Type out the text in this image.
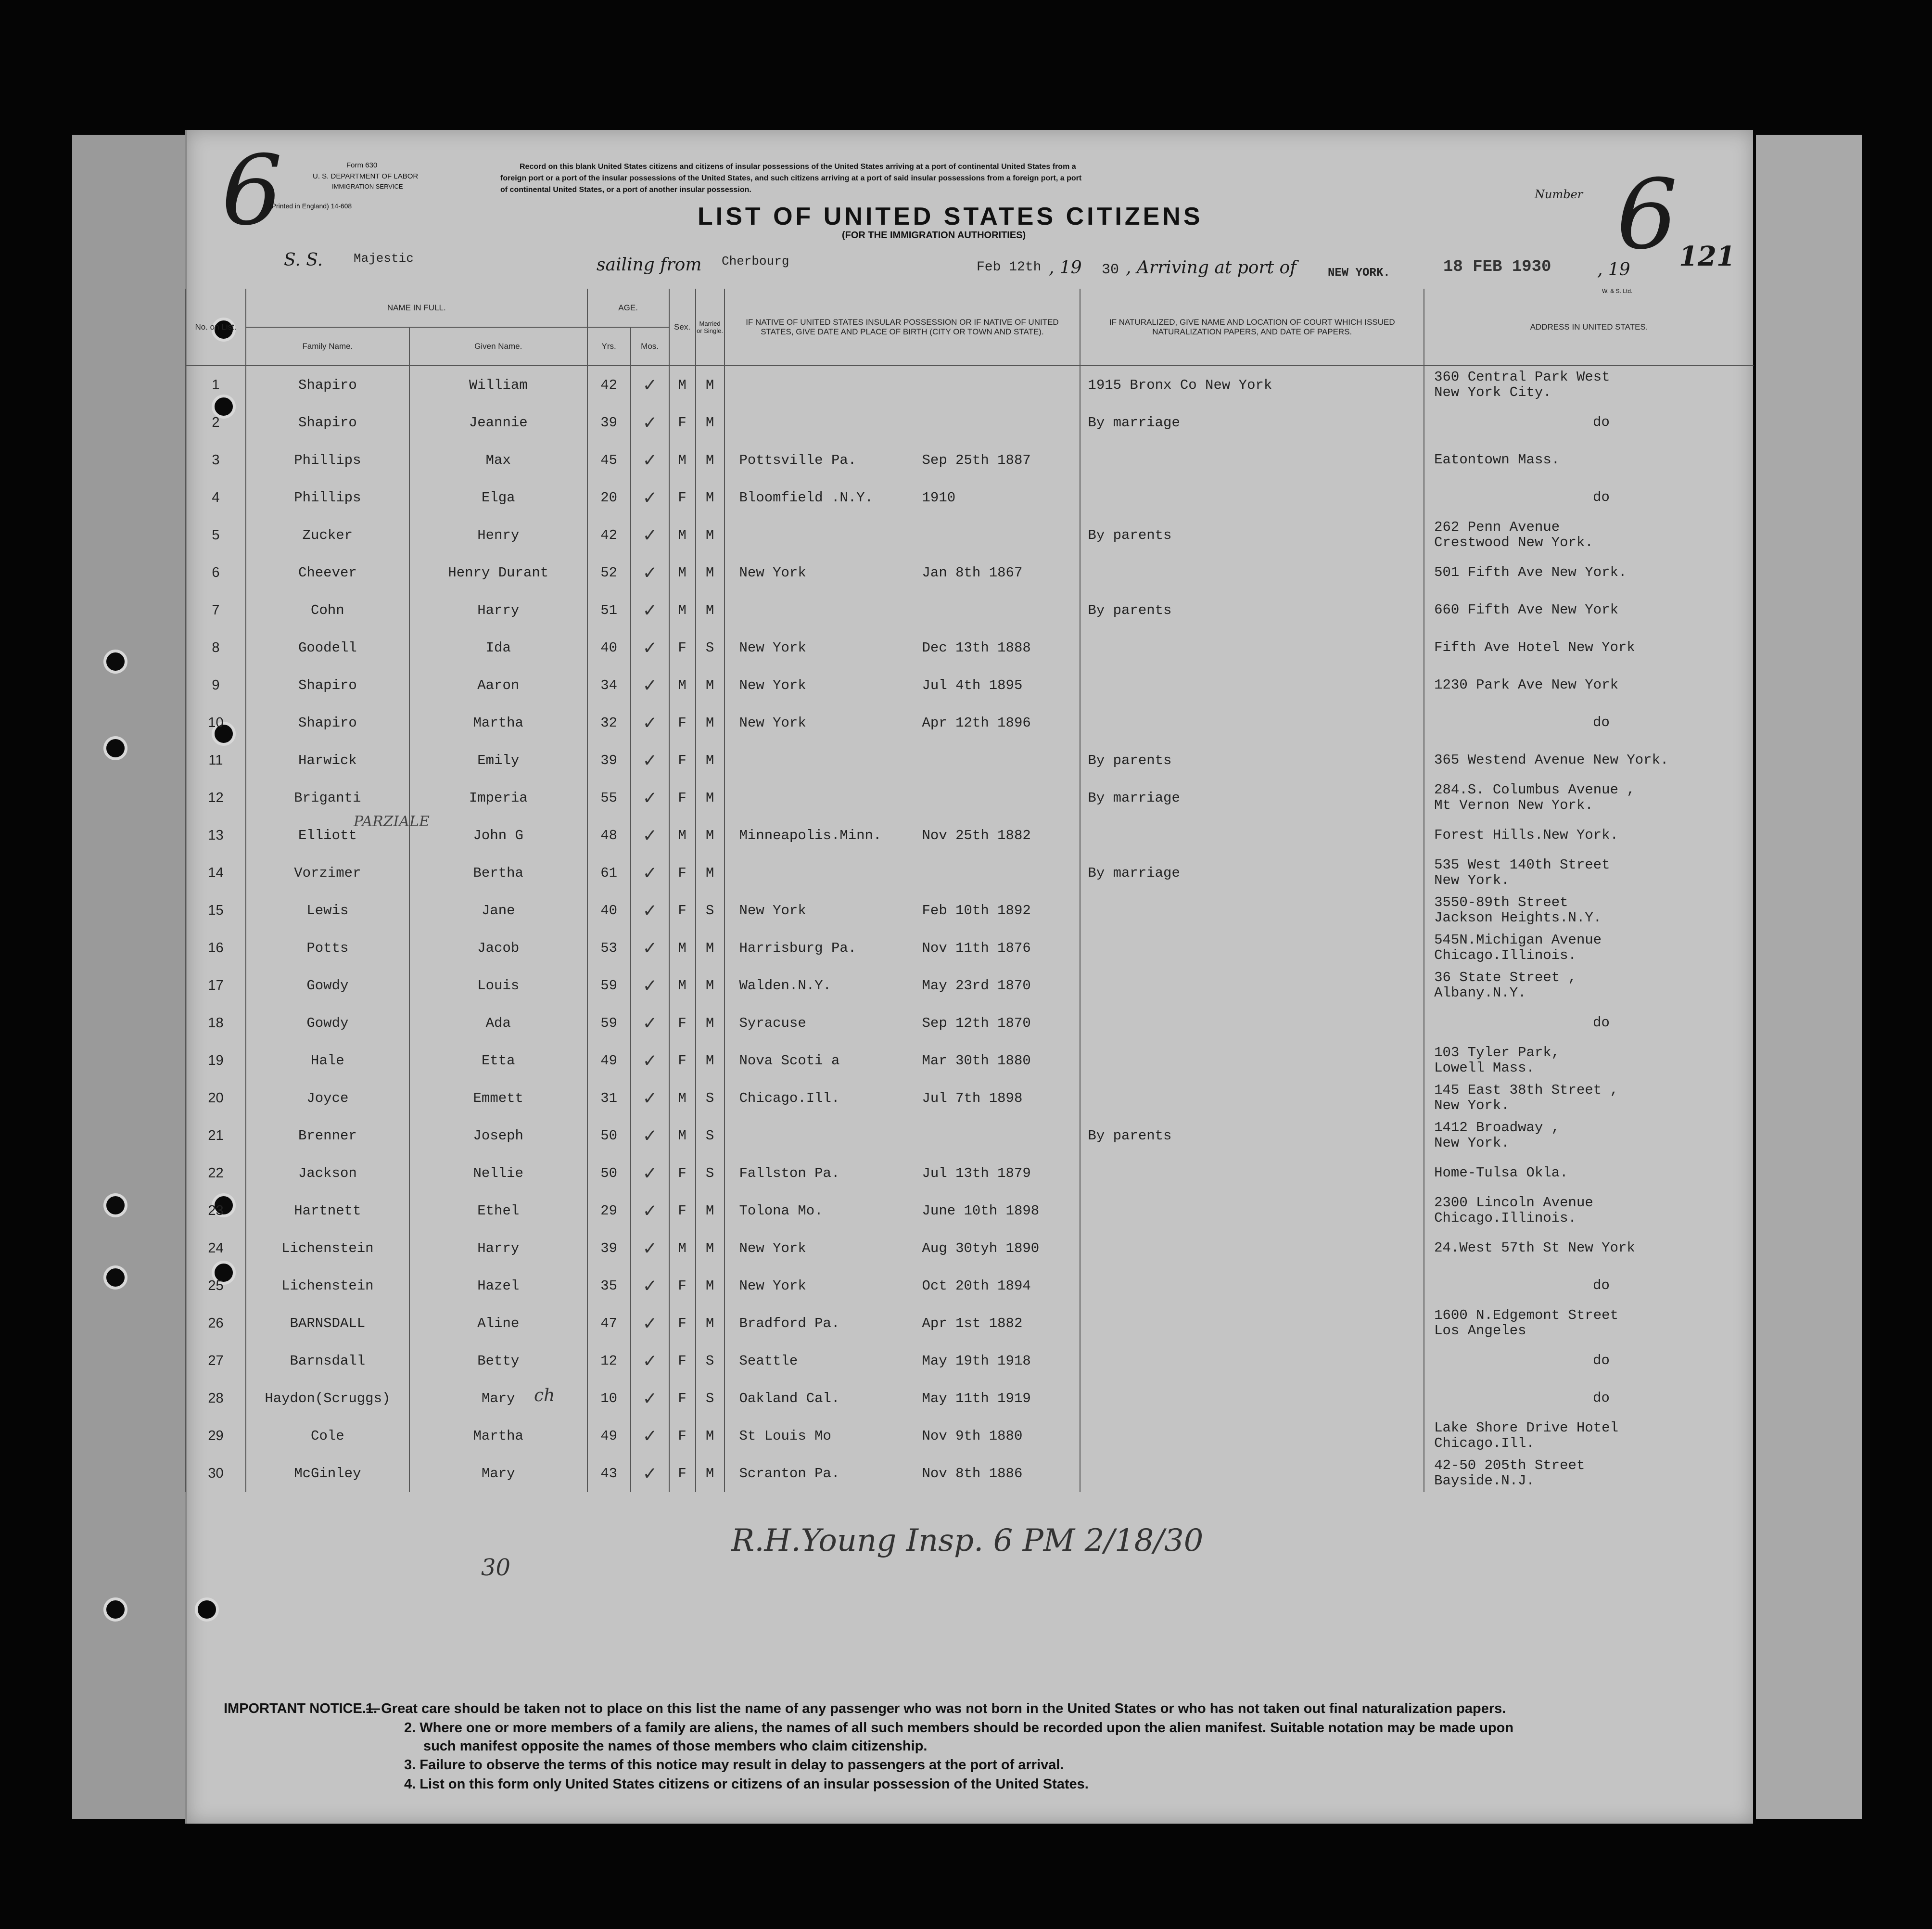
6	Form 630
U. S. DEPARTMENT OF LABOR
IMMIGRATION SERVICE
(Printed in England) 14-608
Record on this blank United States citizens and citizens of insular possessions of the United States arriving at a port of continental United States from a
foreign port or a port of the insular possessions of the United States, and such citizens arriving at a port of said insular possessions from a foreign port, a port
of continental United States, or a port of another insular possession.	Number 6
LIST OF UNITED STATES CITIZENS
(FOR THE IMMIGRATION AUTHORITIES)
S. S. Majestic	sailing from Cherbourg	Feb 12th , 19 30 , Arriving at port of	NEW YORK.	18 FEB 1930	, 19 121
W. & S. Ltd.
No. on List.	NAME IN FULL.		AGE.		Sex.	Married or Single.	IF NATIVE OF UNITED STATES INSULAR POSSESSION OR IF NATIVE OF UNITED STATES, GIVE DATE AND PLACE OF BIRTH (CITY OR TOWN AND STATE).	IF NATURALIZED, GIVE NAME AND LOCATION OF COURT WHICH ISSUED NATURALIZATION PAPERS, AND DATE OF PAPERS.	ADDRESS IN UNITED STATES.
	Family Name.	Given Name.	Yrs.	Mos.					
1	Shapiro	William	42	✓	M	M		1915 Bronx Co New York	360 Central Park West
New York City.

2	Shapiro	Jeannie	39	✓	F	M		By marriage	do

3	Phillips	Max	45	✓	M	M	Pottsville Pa. Sep 25th 1887		Eatontown Mass.

4	Phillips	Elga	20	✓	F	M	Bloomfield .N.Y. 1910		do

5	Zucker	Henry	42	✓	M	M		By parents	262 Penn Avenue
Crestwood New York.

6	Cheever	Henry Durant	52	✓	M	M	New York Jan 8th 1867		501 Fifth Ave New York.

7	Cohn	Harry	51	✓	M	M		By parents	660 Fifth Ave New York

8	Goodell	Ida	40	✓	F	S	New York Dec 13th 1888		Fifth Ave Hotel New York

9	Shapiro	Aaron	34	✓	M	M	New York Jul 4th 1895		1230 Park Ave New York

10	Shapiro	Martha	32	✓	F	M	New York Apr 12th 1896		do

11	Harwick	Emily	39	✓	F	M		By parents	365 Westend Avenue New York.

12	Briganti	Imperia	55	✓	F	M		By marriage	284.S. Columbus Avenue ,
Mt Vernon New York.

13	Elliott	John G	48	✓	M	M	Minneapolis.Minn. Nov 25th 1882		Forest Hills.New York.

14	Vorzimer	Bertha	61	✓	F	M		By marriage	535 West 140th Street
New York.

15	Lewis	Jane	40	✓	F	S	New York Feb 10th 1892		3550-89th Street
Jackson Heights.N.Y.

16	Potts	Jacob	53	✓	M	M	Harrisburg Pa. Nov 11th 1876		545N.Michigan Avenue
Chicago.Illinois.

17	Gowdy	Louis	59	✓	M	M	Walden.N.Y. May 23rd 1870		36 State Street ,
Albany.N.Y.

18	Gowdy	Ada	59	✓	F	M	Syracuse Sep 12th 1870		do

19	Hale	Etta	49	✓	F	M	Nova Scoti a Mar 30th 1880		103 Tyler Park,
Lowell Mass.

20	Joyce	Emmett	31	✓	M	S	Chicago.Ill. Jul 7th 1898		145 East 38th Street ,
New York.

21	Brenner	Joseph	50	✓	M	S		By parents	1412 Broadway ,
New York.

22	Jackson	Nellie	50	✓	F	S	Fallston Pa. Jul 13th 1879		Home-Tulsa Okla.

23	Hartnett	Ethel	29	✓	F	M	Tolona Mo. June 10th 1898		2300 Lincoln Avenue
Chicago.Illinois.

24	Lichenstein	Harry	39	✓	M	M	New York Aug 30tyh 1890		24.West 57th St New York

25	Lichenstein	Hazel	35	✓	F	M	New York Oct 20th 1894		do

26	BARNSDALL	Aline	47	✓	F	M	Bradford Pa. Apr 1st 1882		1600 N.Edgemont Street
Los Angeles

27	Barnsdall	Betty	12	✓	F	S	Seattle May 19th 1918		do

28	Haydon(Scruggs)	Mary	10	✓	F	S	Oakland Cal. May 11th 1919		do

29	Cole	Martha	49	✓	F	M	St Louis Mo Nov 9th 1880		Lake Shore Drive Hotel
Chicago.Ill.

30	McGinley	Mary	43	✓	F	M	Scranton Pa. Nov 8th 1886		42-50 205th Street
Bayside.N.J.
R.H.Young Insp. 6 PM 2/18/30
30
PARZIALE
ch
IMPORTANT NOTICE.—
1. Great care should be taken not to place on this list the name of any passenger who was not born in the United States or who has not taken out final naturalization papers.
2. Where one or more members of a family are aliens, the names of all such members should be recorded upon the alien manifest. Suitable notation may be made upon
such manifest opposite the names of those members who claim citizenship.
3. Failure to observe the terms of this notice may result in delay to passengers at the port of arrival.
4. List on this form only United States citizens or citizens of an insular possession of the United States.
